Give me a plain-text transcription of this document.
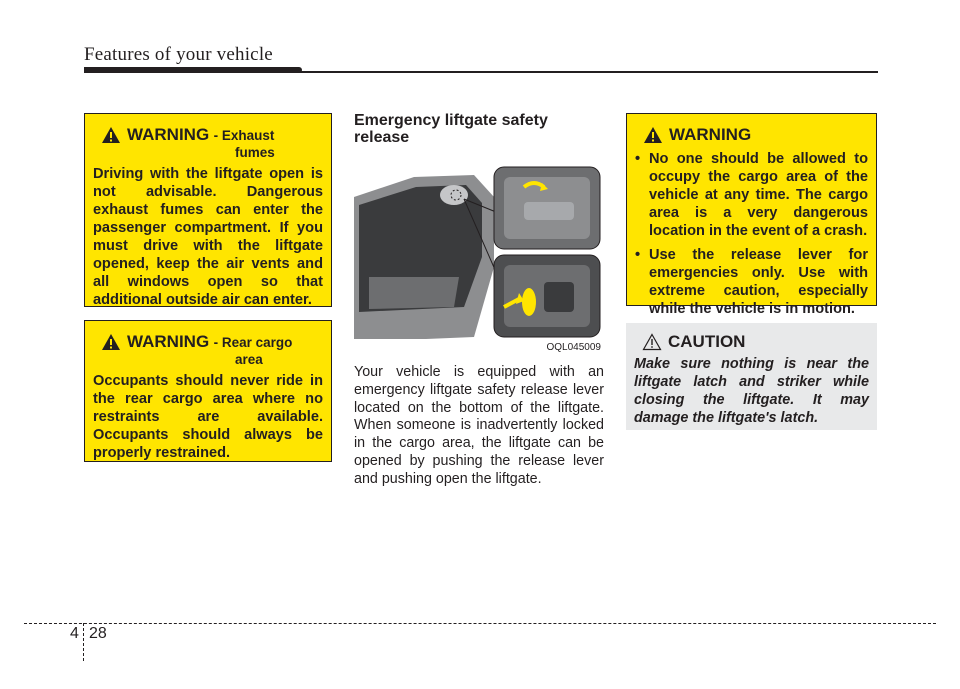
Features of your vehicle
WARNING - Exhaust
fumes

Driving with the liftgate open is not advisable. Dangerous exhaust fumes can enter the passenger compartment. If you must drive with the liftgate opened, keep the air vents and all windows open so that additional outside air can enter.

WARNING - Rear cargo
area

Occupants should never ride in the rear cargo area where no restraints are available. Occupants should always be properly restrained.

Emergency liftgate safety release
OQL045009

Your vehicle is equipped with an emergency liftgate safety release lever located on the bottom of the liftgate. When someone is inadvertently locked in the cargo area, the liftgate can be opened by pushing the release lever and pushing open the liftgate.

WARNING
• No one should be allowed to occupy the cargo area of the vehicle at any time. The cargo area is a very dangerous location in the event of a crash.
• Use the release lever for emergencies only. Use with extreme caution, especially while the vehicle is in motion.
CAUTION

Make sure nothing is near the liftgate latch and striker while closing the liftgate. It may damage the liftgate's latch.

4 28
